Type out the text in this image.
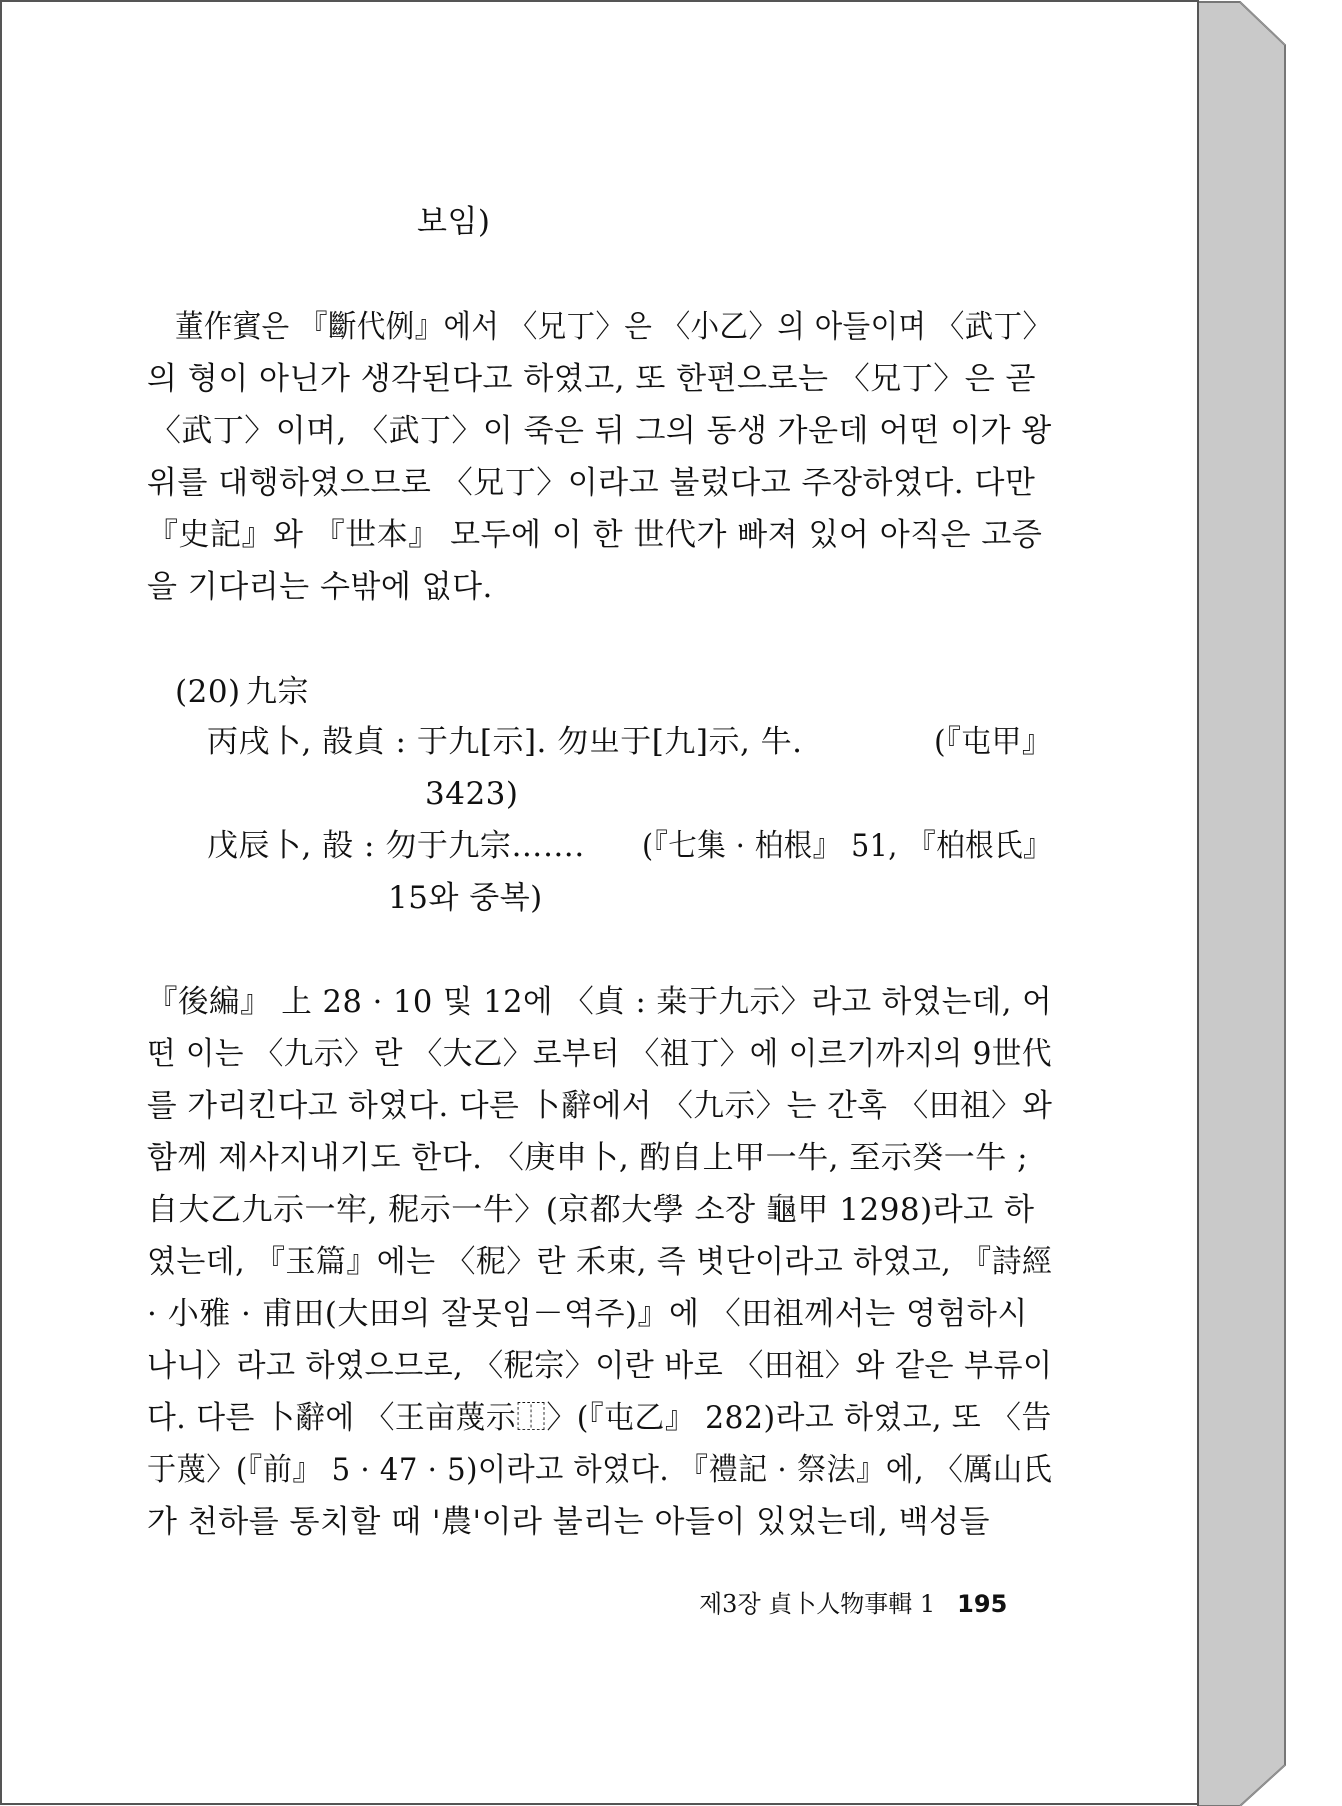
보임)
董作賓은 『斷代例』에서 〈兄丁〉은 〈小乙〉의 아들이며 〈武丁〉
의 형이 아닌가 생각된다고 하였고, 또 한편으로는 〈兄丁〉은 곧
〈武丁〉이며, 〈武丁〉이 죽은 뒤 그의 동생 가운데 어떤 이가 왕
위를 대행하였으므로 〈兄丁〉이라고 불렀다고 주장하였다. 다만
『史記』와 『世本』 모두에 이 한 世代가 빠져 있어 아직은 고증
을 기다리는 수밖에 없다.
(20) 九宗
丙戌卜, 㱿貞 : 于九[示]. 勿㞢于[九]示, 牛.	(『屯甲』
3423)
戊辰卜, 㱿 : 勿于九宗……. (『七集 · 柏根』 51, 『柏根氏』
15와 중복)
『後編』 上 28 · 10 및 12에 〈貞 : 桒于九示〉라고 하였는데, 어
떤 이는 〈九示〉란 〈大乙〉로부터 〈祖丁〉에 이르기까지의 9世代
를 가리킨다고 하였다. 다른 卜辭에서 〈九示〉는 간혹 〈田祖〉와
함께 제사지내기도 한다. 〈庚申卜, 酌自上甲一牛, 至示癸一牛 ;
自大乙九示一牢, 秜示一牛〉(京都大學 소장 龜甲 1298)라고 하
였는데, 『玉篇』에는 〈秜〉란 禾束, 즉 볏단이라고 하였고, 『詩經
· 小雅 · 甫田(大田의 잘못임－역주)』에 〈田祖께서는 영험하시
나니〉라고 하였으므로, 〈秜宗〉이란 바로 〈田祖〉와 같은 부류이
다. 다른 卜辭에 〈王亩蔑示⿰〉(『屯乙』 282)라고 하였고, 또 〈告
于蔑〉(『前』 5 · 47 · 5)이라고 하였다. 『禮記 · 祭法』에, 〈厲山氏
가 천하를 통치할 때 '農'이라 불리는 아들이 있었는데, 백성들
제3장 貞卜人物事輯 1 195
